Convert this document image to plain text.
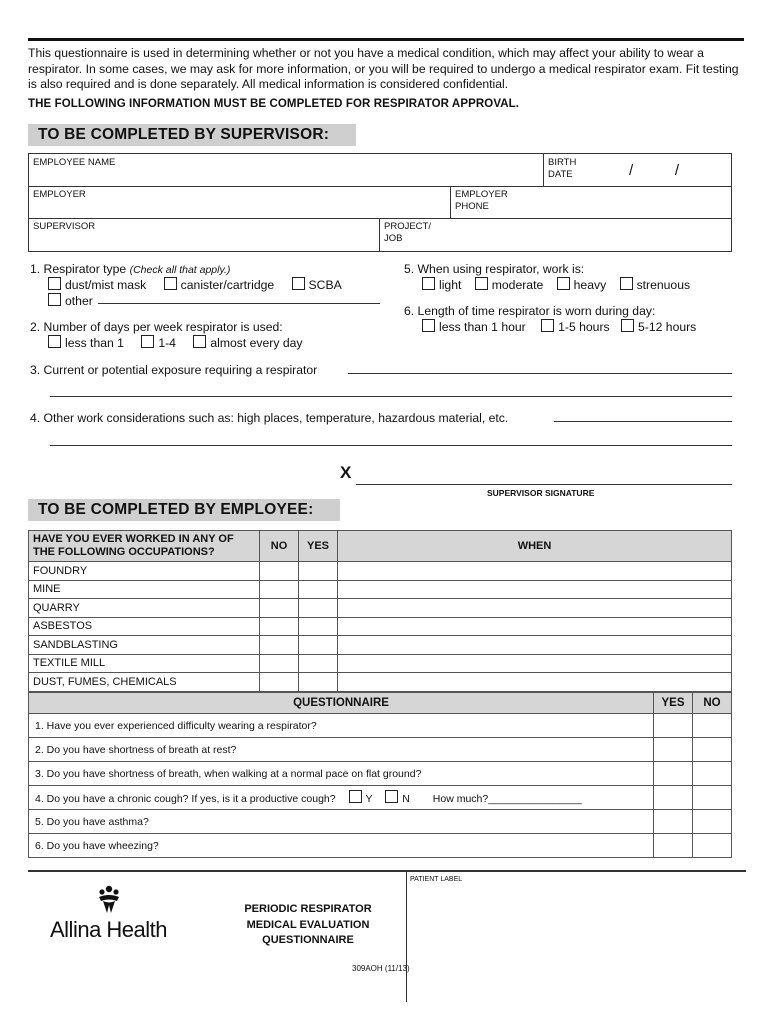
This questionnaire is used in determining whether or not you have a medical condition, which may affect your ability to wear a respirator. In some cases, we may ask for more information, or you will be required to undergo a medical respirator exam. Fit testing is also required and is done separately. All medical information is considered confidential.
THE FOLLOWING INFORMATION MUST BE COMPLETED FOR RESPIRATOR APPROVAL.
TO BE COMPLETED BY SUPERVISOR:
EMPLOYEE NAME	BIRTH DATE	/          /
EMPLOYER	EMPLOYER PHONE
SUPERVISOR	PROJECT/ JOB
1. Respirator type (Check all that apply.)
dust/mist mask	canister/cartridge	SCBA
other
2. Number of days per week respirator is used:
less than 1	1-4	almost every day
5. When using respirator, work is:
light moderate heavy strenuous
6. Length of time respirator is worn during day:
less than 1 hour	1-5 hours 5-12 hours
3. Current or potential exposure requiring a respirator
4. Other work considerations such as: high places, temperature, hazardous material, etc.
X
SUPERVISOR SIGNATURE
TO BE COMPLETED BY EMPLOYEE:
HAVE YOU EVER WORKED IN ANY OF THE FOLLOWING OCCUPATIONS?	NO	YES	WHEN
FOUNDRY			
MINE			
QUARRY			
ASBESTOS			
SANDBLASTING			
TEXTILE MILL			
DUST, FUMES, CHEMICALS			
QUESTIONNAIRE	YES	NO
1. Have you ever experienced difficulty wearing a respirator?		
2. Do you have shortness of breath at rest?		
3. Do you have shortness of breath, when walking at a normal pace on flat ground?		
4. Do you have a chronic cough? If yes, is it a productive cough? Y N How much?________________		
5. Do you have asthma?		
6. Do you have wheezing?		
Allina Health
PERIODIC RESPIRATOR
MEDICAL EVALUATION
QUESTIONNAIRE
309AOH (11/13)
PATIENT LABEL
